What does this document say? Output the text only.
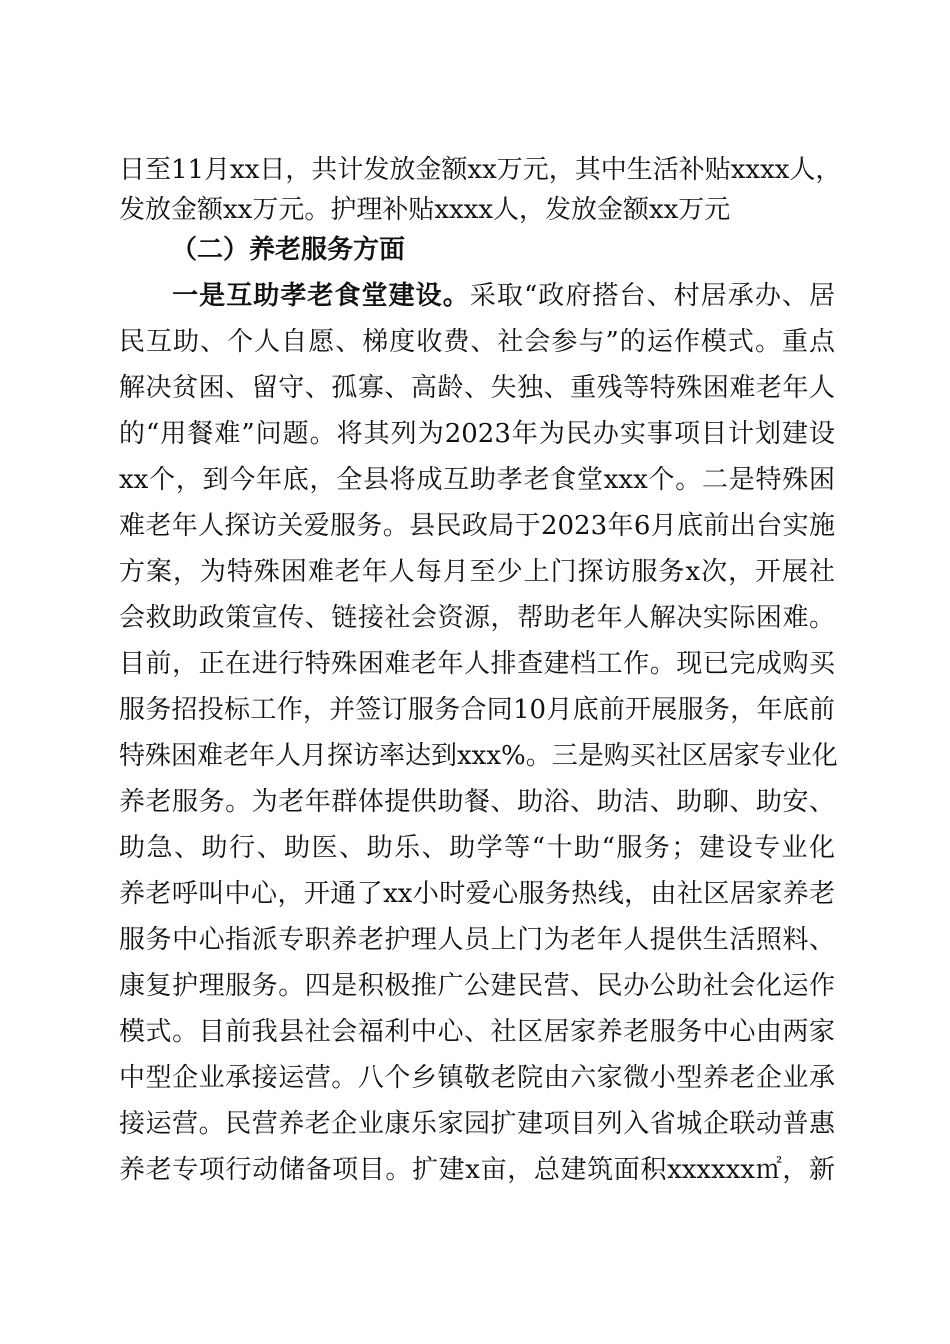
日至11月xx日，共计发放金额xx万元，其中生活补贴xxxx人，
发放金额xx万元。护理补贴xxxx人，发放金额xx万元
（二）养老服务方面
一是互助孝老食堂建设。采取“政府搭台、村居承办、居
民互助、个人自愿、梯度收费、社会参与”的运作模式。重点
解决贫困、留守、孤寡、高龄、失独、重残等特殊困难老年人
的“用餐难”问题。将其列为2023年为民办实事项目计划建设
xx个，到今年底，全县将成互助孝老食堂xxx个。二是特殊困
难老年人探访关爱服务。县民政局于2023年6月底前出台实施
方案，为特殊困难老年人每月至少上门探访服务x次，开展社
会救助政策宣传、链接社会资源，帮助老年人解决实际困难。
目前，正在进行特殊困难老年人排查建档工作。现已完成购买
服务招投标工作，并签订服务合同10月底前开展服务，年底前
特殊困难老年人月探访率达到xxx%。三是购买社区居家专业化
养老服务。为老年群体提供助餐、助浴、助洁、助聊、助安、
助急、助行、助医、助乐、助学等“十助“服务；建设专业化
养老呼叫中心，开通了xx小时爱心服务热线，由社区居家养老
服务中心指派专职养老护理人员上门为老年人提供生活照料、
康复护理服务。四是积极推广公建民营、民办公助社会化运作
模式。目前我县社会福利中心、社区居家养老服务中心由两家
中型企业承接运营。八个乡镇敬老院由六家微小型养老企业承
接运营。民营养老企业康乐家园扩建项目列入省城企联动普惠
养老专项行动储备项目。扩建x亩，总建筑面积xxxxxx㎡，新
